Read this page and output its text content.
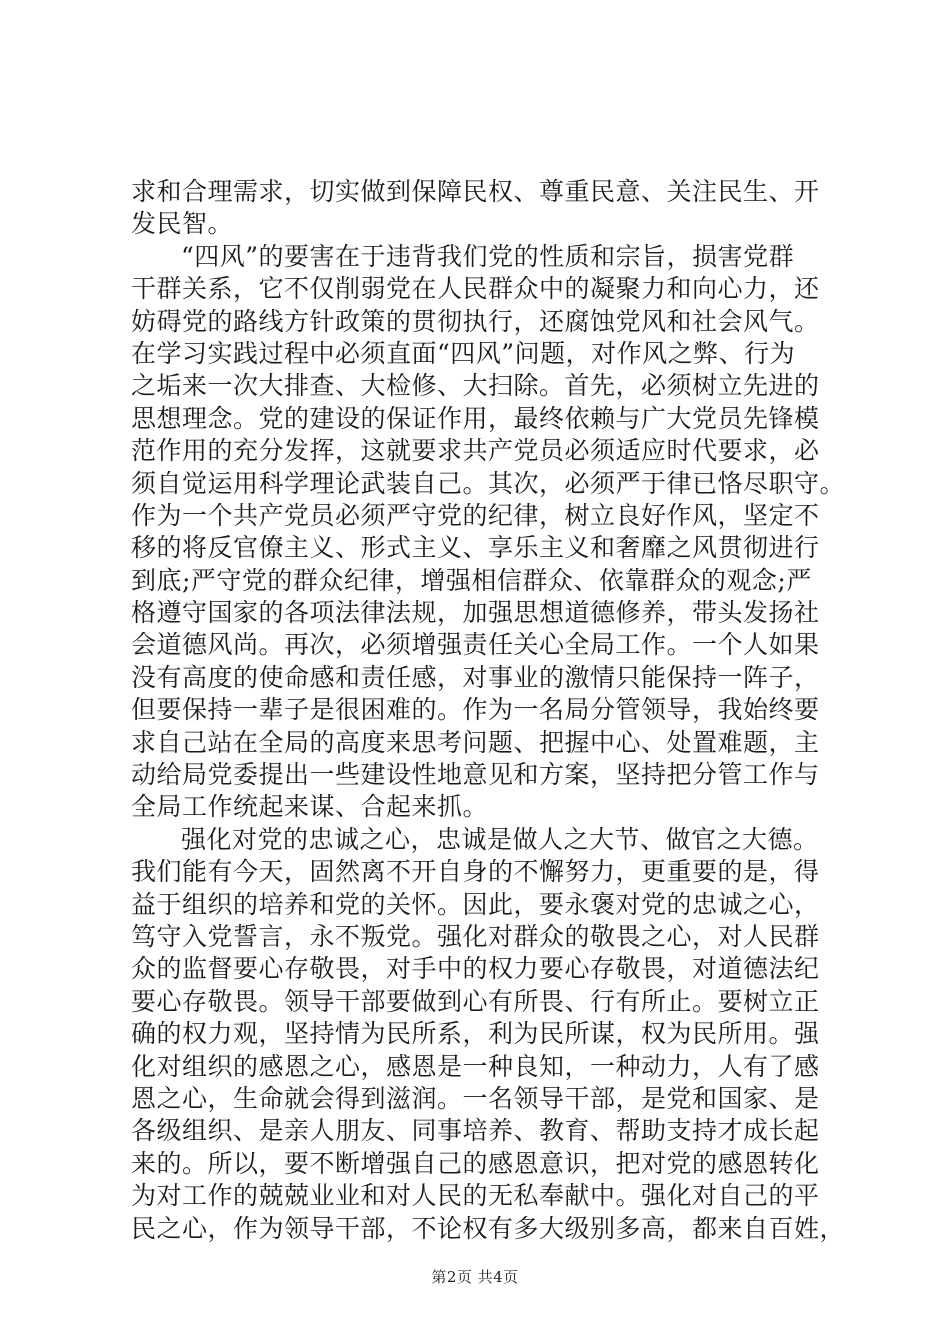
求和合理需求，切实做到保障民权、尊重民意、关注民生、开
发民智。
“四风”的要害在于违背我们党的性质和宗旨，损害党群
干群关系，它不仅削弱党在人民群众中的凝聚力和向心力，还
妨碍党的路线方针政策的贯彻执行，还腐蚀党风和社会风气。
在学习实践过程中必须直面“四风”问题，对作风之弊、行为
之垢来一次大排查、大检修、大扫除。首先，必须树立先进的
思想理念。党的建设的保证作用，最终依赖与广大党员先锋模
范作用的充分发挥，这就要求共产党员必须适应时代要求，必
须自觉运用科学理论武装自己。其次，必须严于律已恪尽职守。
作为一个共产党员必须严守党的纪律，树立良好作风，坚定不
移的将反官僚主义、形式主义、享乐主义和奢靡之风贯彻进行
到底;严守党的群众纪律，增强相信群众、依靠群众的观念;严
格遵守国家的各项法律法规，加强思想道德修养，带头发扬社
会道德风尚。再次，必须增强责任关心全局工作。一个人如果
没有高度的使命感和责任感，对事业的激情只能保持一阵子，
但要保持一辈子是很困难的。作为一名局分管领导，我始终要
求自己站在全局的高度来思考问题、把握中心、处置难题，主
动给局党委提出一些建设性地意见和方案，坚持把分管工作与
全局工作统起来谋、合起来抓。
强化对党的忠诚之心，忠诚是做人之大节、做官之大德。
我们能有今天，固然离不开自身的不懈努力，更重要的是，得
益于组织的培养和党的关怀。因此，要永褒对党的忠诚之心，
笃守入党誓言，永不叛党。强化对群众的敬畏之心，对人民群
众的监督要心存敬畏，对手中的权力要心存敬畏，对道德法纪
要心存敬畏。领导干部要做到心有所畏、行有所止。要树立正
确的权力观，坚持情为民所系，利为民所谋，权为民所用。强
化对组织的感恩之心，感恩是一种良知，一种动力，人有了感
恩之心，生命就会得到滋润。一名领导干部，是党和国家、是
各级组织、是亲人朋友、同事培养、教育、帮助支持才成长起
来的。所以，要不断增强自己的感恩意识，把对党的感恩转化
为对工作的兢兢业业和对人民的无私奉献中。强化对自己的平
民之心，作为领导干部，不论权有多大级别多高，都来自百姓，
第2页 共4页
